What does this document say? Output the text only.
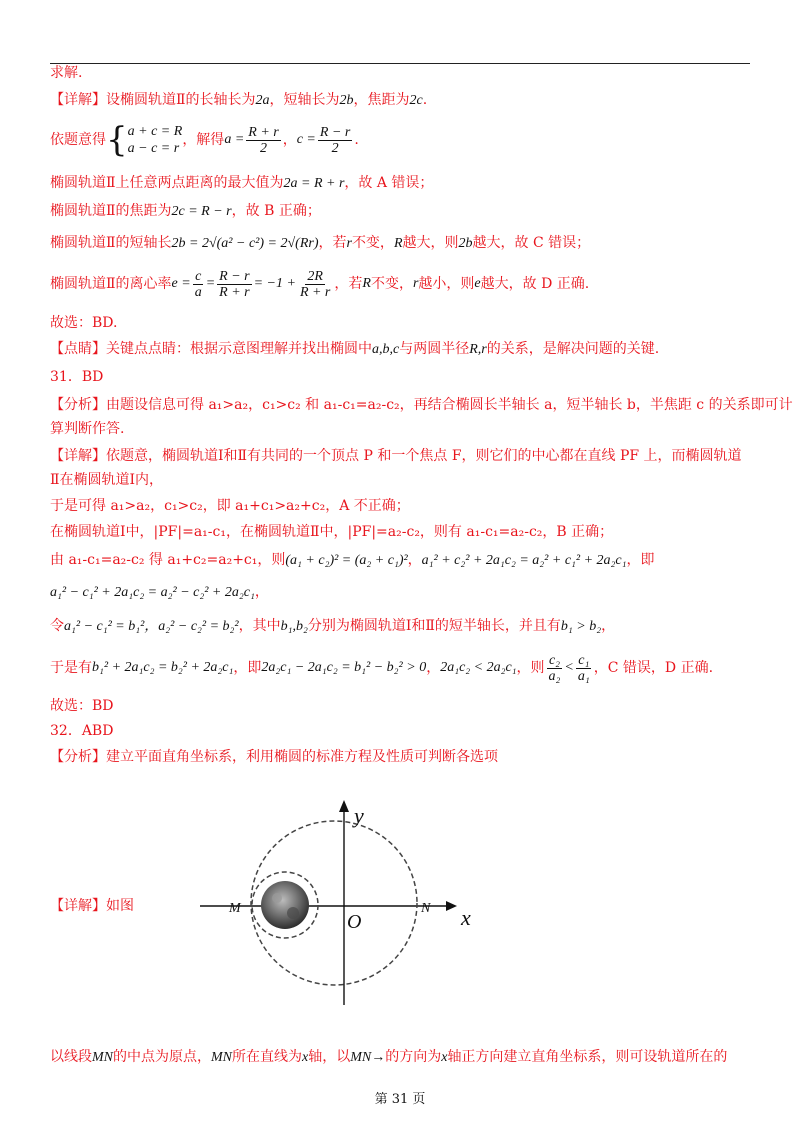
求解.
【详解】设椭圆轨道Ⅱ的长轴长为2a，短轴长为2b，焦距为2c.
依题意得 { a + c = R
a − c = r
，解得 $a = \frac{R + r}{2}$ ， $c = \frac{R - r}{2}$ .
椭圆轨道Ⅱ上任意两点距离的最大值为2a = R + r，故 A 错误；
椭圆轨道Ⅱ的焦距为2c = R − r，故 B 正确；
椭圆轨道Ⅱ的短轴长2b = 2√(a² − c²) = 2√(Rr)，若r不变，R越大，则2b越大，故 C 错误；
椭圆轨道Ⅱ的离心率 $e = \frac{c}{a} = \frac{R - r}{R + r} = -1 + \frac{2R}{R + r}$ ，若 R 不变， r 越小，则 e 越大，故 D 正确.
故选：BD.
【点睛】关键点点睛：根据示意图理解并找出椭圆中a,b,c与两圆半径R,r的关系，是解决问题的关键.
31．BD
【分析】由题设信息可得 a₁>a₂，c₁>c₂ 和 a₁-c₁=a₂-c₂，再结合椭圆长半轴长 a，短半轴长 b，半焦距 c 的关系即可计
算判断作答.
【详解】依题意，椭圆轨道Ⅰ和Ⅱ有共同的一个顶点 P 和一个焦点 F，则它们的中心都在直线 PF 上，而椭圆轨道
Ⅱ在椭圆轨道Ⅰ内，
于是可得 a₁>a₂，c₁>c₂，即 a₁+c₁>a₂+c₂，A 不正确；
在椭圆轨道Ⅰ中，|PF|=a₁-c₁，在椭圆轨道Ⅱ中，|PF|=a₂-c₂，则有 a₁-c₁=a₂-c₂，B 正确；
由 a₁-c₁=a₂-c₂ 得 a₁+c₂=a₂+c₁，则(a₁ + c₂)² = (a₂ + c₁)²，a₁² + c₂² + 2a₁c₂ = a₂² + c₁² + 2a₂c₁，即
a₁² − c₁² + 2a₁c₂ = a₂² − c₂² + 2a₂c₁，
令a₁² − c₁² = b₁²，a₂² − c₂² = b₂²，其中b₁,b₂分别为椭圆轨道Ⅰ和Ⅱ的短半轴长，并且有b₁ > b₂，
于是有 b₁² + 2a₁c₂ = b₂² + 2a₂c₁ ，即 2a₂c₁ − 2a₁c₂ = b₁² − b₂² > 0 ， 2a₁c₂ < 2a₂c₁ ，则 $\frac{\text{c₂}}{\text{a₂}} < \frac{\text{c₁}}{\text{a₁}}$ ，C 错误，D 正确.
故选：BD
32．ABD
【分析】建立平面直角坐标系，利用椭圆的标准方程及性质可判断各选项
【详解】如图
y
x
O
M	N
以线段MN的中点为原点，MN所在直线为x轴，以MN→的方向为x轴正方向建立直角坐标系，则可设轨道所在的
第 31 页
